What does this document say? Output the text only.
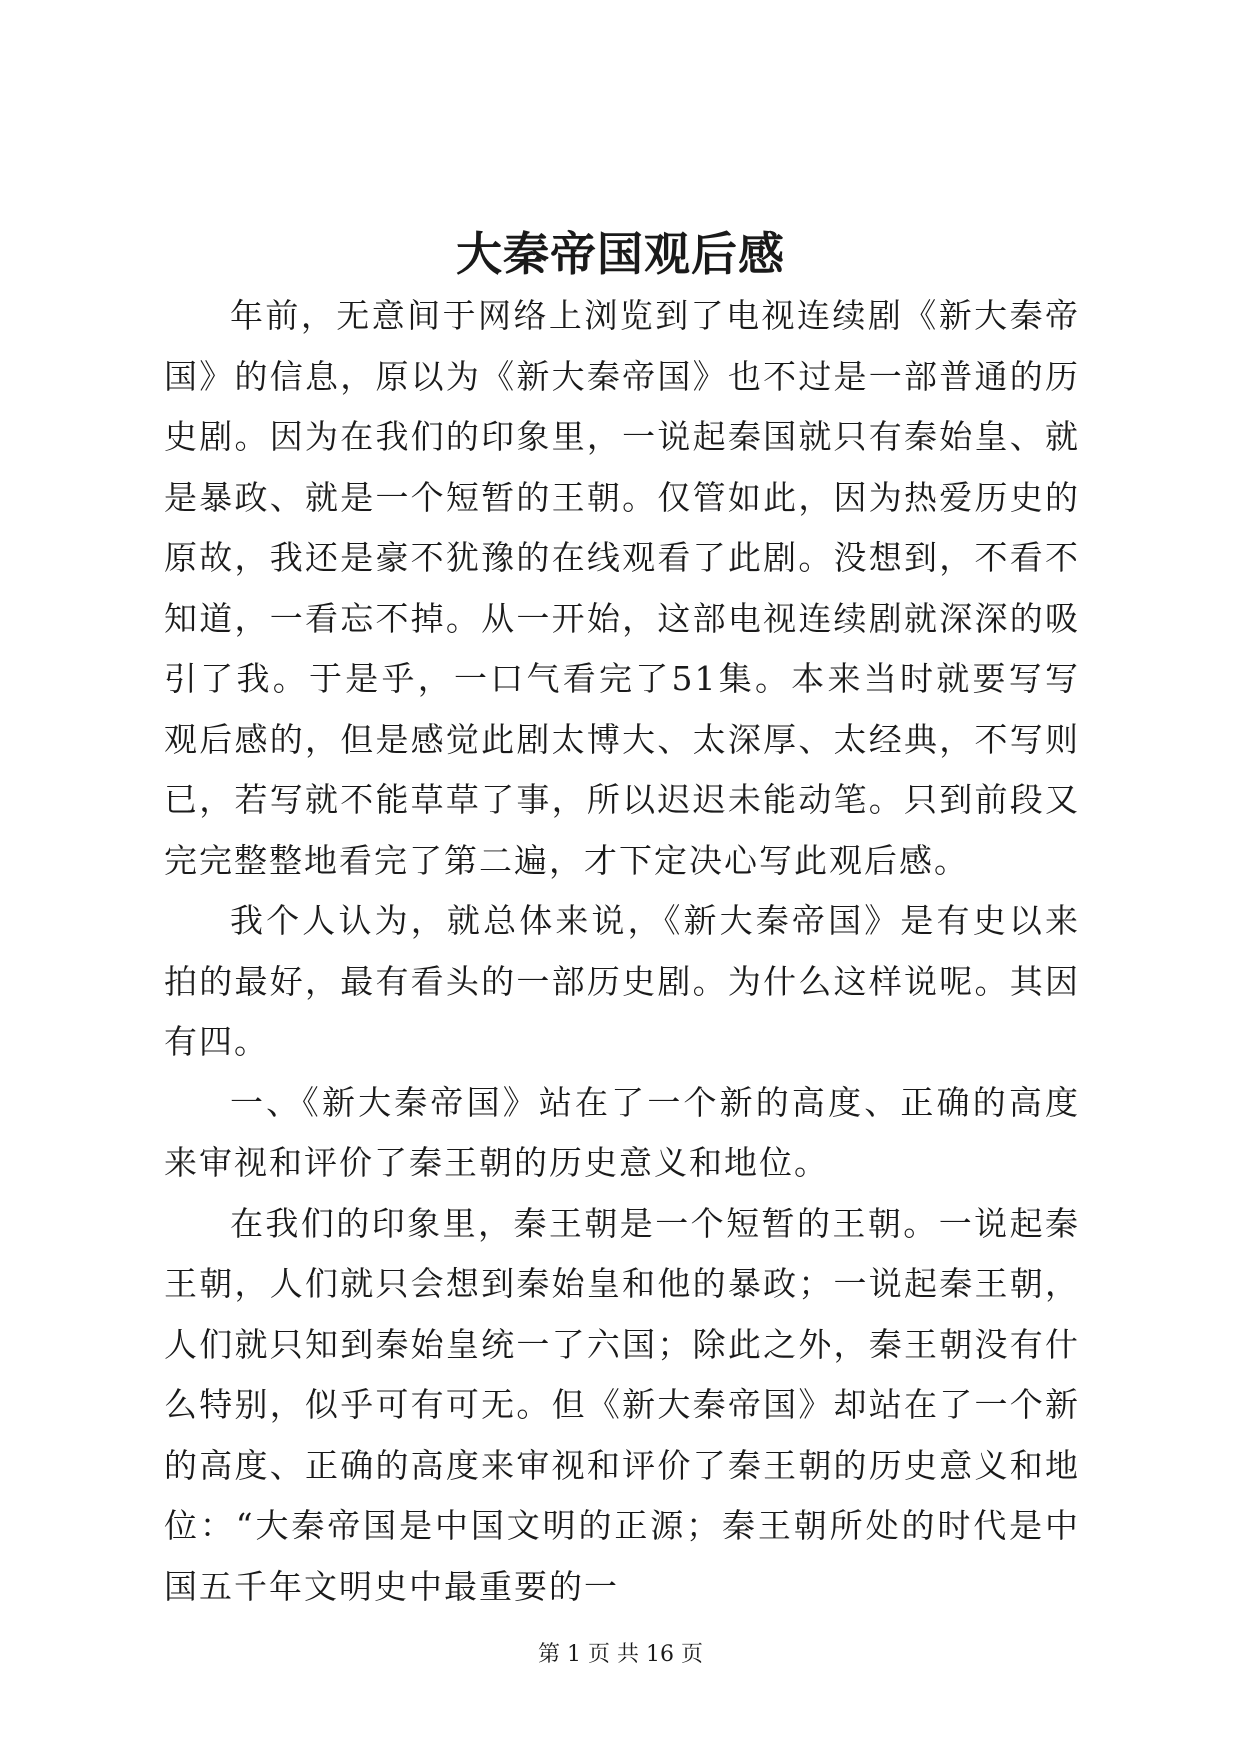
大秦帝国观后感

年前，无意间于网络上浏览到了电视连续剧《新大秦帝国》的信息，原以为《新大秦帝国》也不过是一部普通的历史剧。因为在我们的印象里，一说起秦国就只有秦始皇、就是暴政、就是一个短暂的王朝。仅管如此，因为热爱历史的原故，我还是豪不犹豫的在线观看了此剧。没想到，不看不知道，一看忘不掉。从一开始，这部电视连续剧就深深的吸引了我。于是乎，一口气看完了51集。本来当时就要写写观后感的，但是感觉此剧太博大、太深厚、太经典，不写则已，若写就不能草草了事，所以迟迟未能动笔。只到前段又完完整整地看完了第二遍，才下定决心写此观后感。

我个人认为，就总体来说，《新大秦帝国》是有史以来拍的最好，最有看头的一部历史剧。为什么这样说呢。其因有四。

一、《新大秦帝国》站在了一个新的高度、正确的高度来审视和评价了秦王朝的历史意义和地位。

在我们的印象里，秦王朝是一个短暂的王朝。一说起秦王朝，人们就只会想到秦始皇和他的暴政；一说起秦王朝，人们就只知到秦始皇统一了六国；除此之外，秦王朝没有什么特别，似乎可有可无。但《新大秦帝国》却站在了一个新的高度、正确的高度来审视和评价了秦王朝的历史意义和地位：“大秦帝国是中国文明的正源；秦王朝所处的时代是中国五千年文明史中最重要的一

第 1 页 共 16 页
